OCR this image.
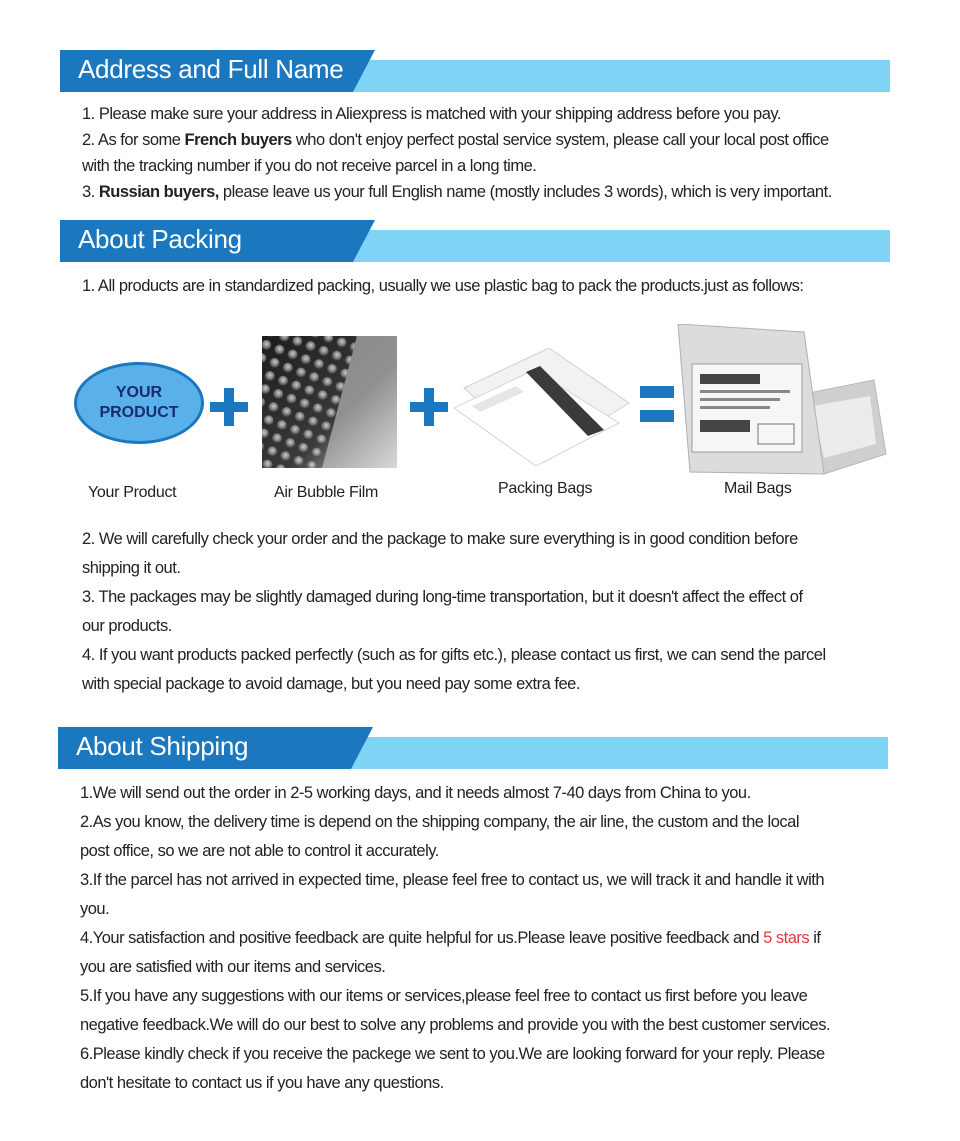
Address and Full Name

1. Please make sure your address in Aliexpress is matched with your shipping address before you pay.

2. As for some French buyers who don't enjoy perfect postal service system, please call your local post office

with the tracking number if you do not receive parcel in a long time.

3. Russian buyers, please leave us your full English name (mostly includes 3 words), which is very important.

About Packing

1. All products are in standardized packing, usually we use plastic bag to pack the products.just as follows:

YOUR PRODUCT
Your Product	Air Bubble Film	Packing Bags	Mail Bags

2. We will carefully check your order and the package to make sure everything is in good condition before

shipping it out.

3. The packages may be slightly damaged during long-time transportation, but it doesn't affect the effect of

our products.

4. If you want products packed perfectly (such as for gifts etc.), please contact us first, we can send the parcel

with special package to avoid damage, but you need pay some extra fee.

About Shipping

1.We will send out the order in 2-5 working days, and it needs almost 7-40 days from China to you.

2.As you know, the delivery time is depend on the shipping company, the air line, the custom and the local

post office, so we are not able to control it accurately.

3.If the parcel has not arrived in expected time, please feel free to contact us, we will track it and handle it with

you.

4.Your satisfaction and positive feedback are quite helpful for us.Please leave positive feedback and 5 stars if

you are satisfied with our items and services.

5.If you have any suggestions with our items or services,please feel free to contact us first before you leave

negative feedback.We will do our best to solve any problems and provide you with the best customer services.

6.Please kindly check if you receive the packege we sent to you.We are looking forward for your reply. Please

don't hesitate to contact us if you have any questions.
